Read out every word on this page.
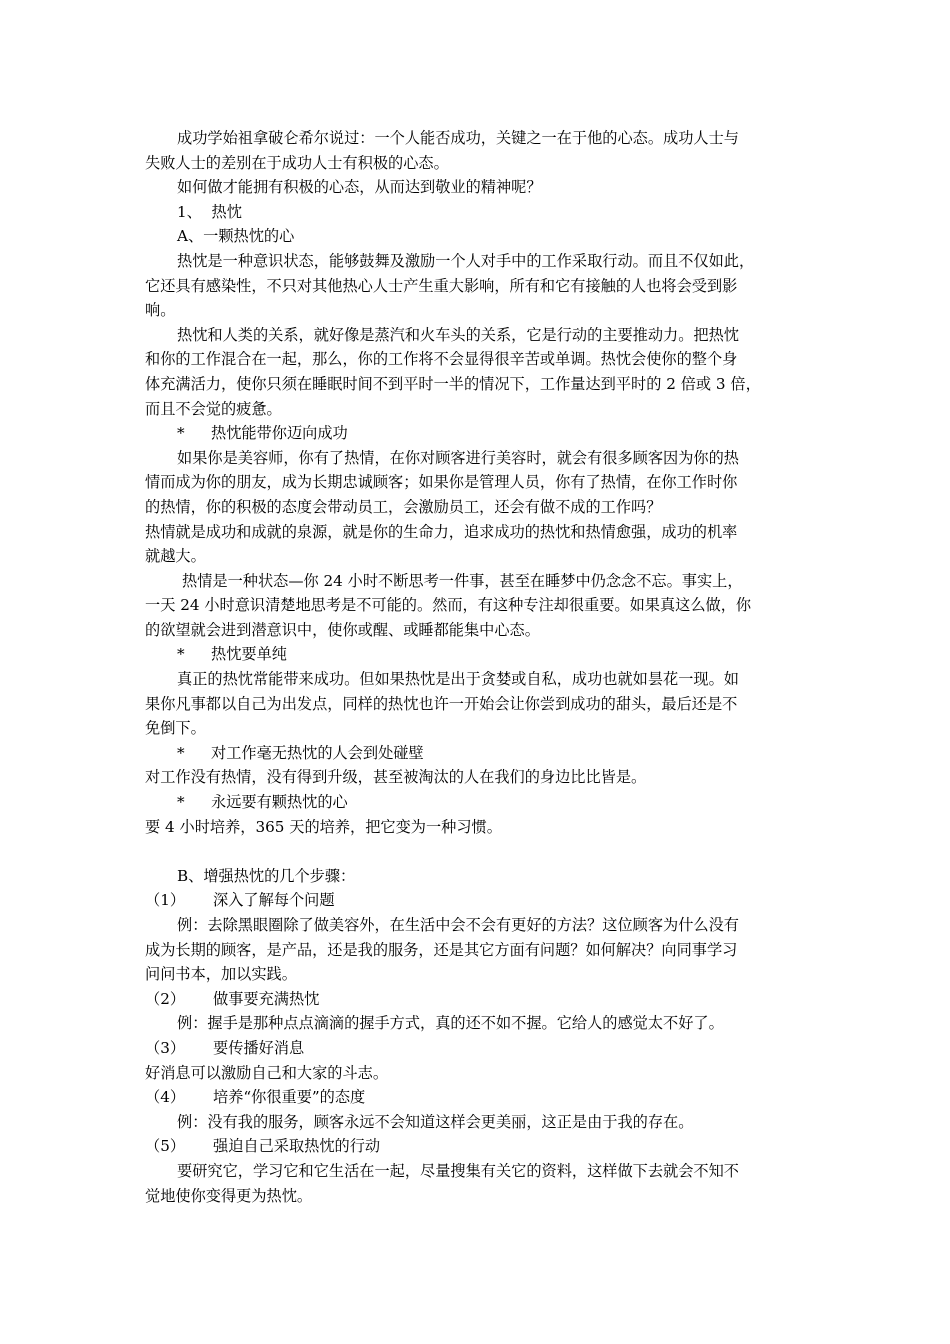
成功学始祖拿破仑希尔说过：一个人能否成功，关键之一在于他的心态。成功人士与

失败人士的差别在于成功人士有积极的心态。

如何做才能拥有积极的心态，从而达到敬业的精神呢？

1、 热忱

A、一颗热忱的心

热忱是一种意识状态，能够鼓舞及激励一个人对手中的工作采取行动。而且不仅如此，

它还具有感染性，不只对其他热心人士产生重大影响，所有和它有接触的人也将会受到影

响。

热忱和人类的关系，就好像是蒸汽和火车头的关系，它是行动的主要推动力。把热忱

和你的工作混合在一起，那么，你的工作将不会显得很辛苦或单调。热忱会使你的整个身

体充满活力，使你只须在睡眠时间不到平时一半的情况下，工作量达到平时的 2 倍或 3 倍，

而且不会觉的疲惫。

* 热忱能带你迈向成功

如果你是美容师，你有了热情，在你对顾客进行美容时，就会有很多顾客因为你的热

情而成为你的朋友，成为长期忠诚顾客；如果你是管理人员，你有了热情，在你工作时你

的热情，你的积极的态度会带动员工，会激励员工，还会有做不成的工作吗？

热情就是成功和成就的泉源，就是你的生命力，追求成功的热忱和热情愈强，成功的机率

就越大。

热情是一种状态—你 24 小时不断思考一件事，甚至在睡梦中仍念念不忘。事实上，

一天 24 小时意识清楚地思考是不可能的。然而，有这种专注却很重要。如果真这么做，你

的欲望就会进到潜意识中，使你或醒、或睡都能集中心态。

* 热忱要单纯

真正的热忱常能带来成功。但如果热忱是出于贪婪或自私，成功也就如昙花一现。如

果你凡事都以自己为出发点，同样的热忱也许一开始会让你尝到成功的甜头，最后还是不

免倒下。

* 对工作毫无热忱的人会到处碰壁

对工作没有热情，没有得到升级，甚至被淘汰的人在我们的身边比比皆是。

* 永远要有颗热忱的心

要 4 小时培养，365 天的培养，把它变为一种习惯。

B、增强热忱的几个步骤：

（1） 深入了解每个问题

例：去除黑眼圈除了做美容外，在生活中会不会有更好的方法？这位顾客为什么没有

成为长期的顾客，是产品，还是我的服务，还是其它方面有问题？如何解决？向同事学习

问问书本，加以实践。

（2） 做事要充满热忱

例：握手是那种点点滴滴的握手方式，真的还不如不握。它给人的感觉太不好了。

（3） 要传播好消息

好消息可以激励自己和大家的斗志。

（4） 培养“你很重要”的态度

例：没有我的服务，顾客永远不会知道这样会更美丽，这正是由于我的存在。

（5） 强迫自己采取热忱的行动

要研究它，学习它和它生活在一起，尽量搜集有关它的资料，这样做下去就会不知不

觉地使你变得更为热忱。
